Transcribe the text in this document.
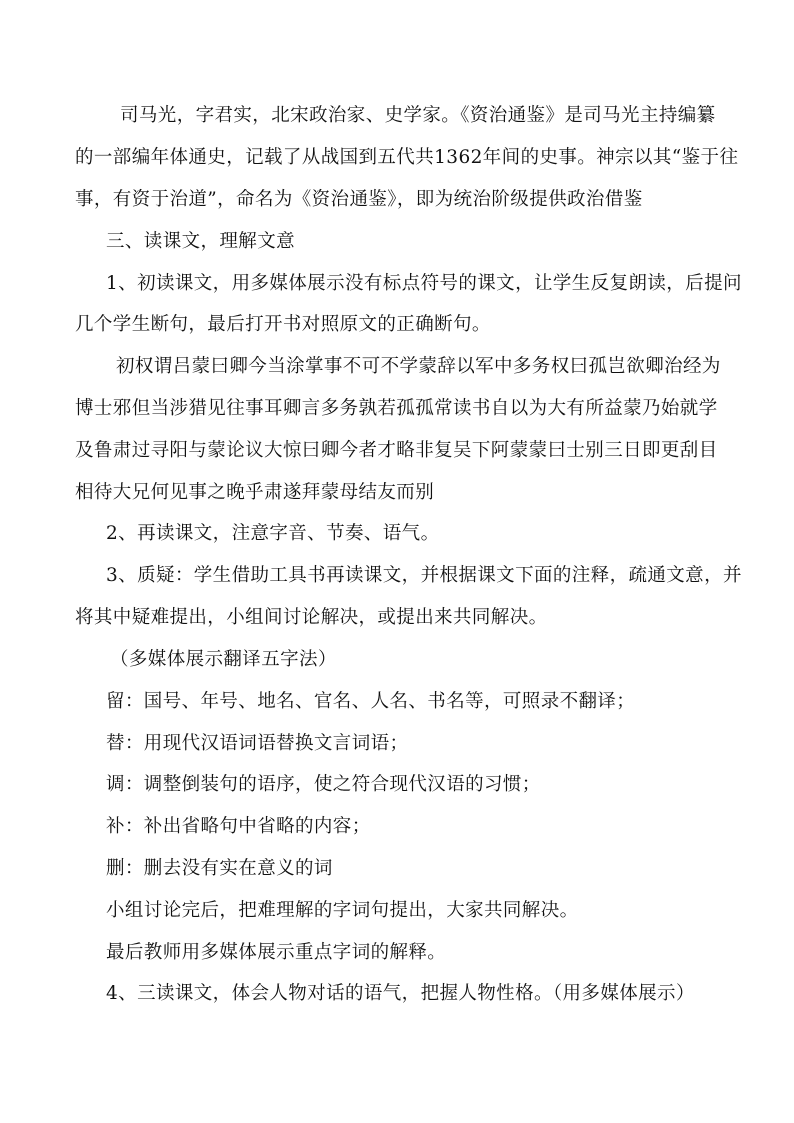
司马光，字君实，北宋政治家、史学家。《资治通鉴》是司马光主持编纂
的一部编年体通史，记载了从战国到五代共1362年间的史事。神宗以其“鉴于往
事，有资于治道”，命名为《资治通鉴》，即为统治阶级提供政治借鉴
三、读课文，理解文意
1、初读课文，用多媒体展示没有标点符号的课文，让学生反复朗读，后提问
几个学生断句，最后打开书对照原文的正确断句。
初权谓吕蒙曰卿今当涂掌事不可不学蒙辞以军中多务权曰孤岂欲卿治经为
博士邪但当涉猎见往事耳卿言多务孰若孤孤常读书自以为大有所益蒙乃始就学
及鲁肃过寻阳与蒙论议大惊曰卿今者才略非复吴下阿蒙蒙曰士别三日即更刮目
相待大兄何见事之晚乎肃遂拜蒙母结友而别
2、再读课文，注意字音、节奏、语气。
3、质疑：学生借助工具书再读课文，并根据课文下面的注释，疏通文意，并
将其中疑难提出，小组间讨论解决，或提出来共同解决。
（多媒体展示翻译五字法）
留：国号、年号、地名、官名、人名、书名等，可照录不翻译；
替：用现代汉语词语替换文言词语；
调：调整倒装句的语序，使之符合现代汉语的习惯；
补：补出省略句中省略的内容；
删：删去没有实在意义的词
小组讨论完后，把难理解的字词句提出，大家共同解决。
最后教师用多媒体展示重点字词的解释。
4、三读课文，体会人物对话的语气，把握人物性格。（用多媒体展示）
